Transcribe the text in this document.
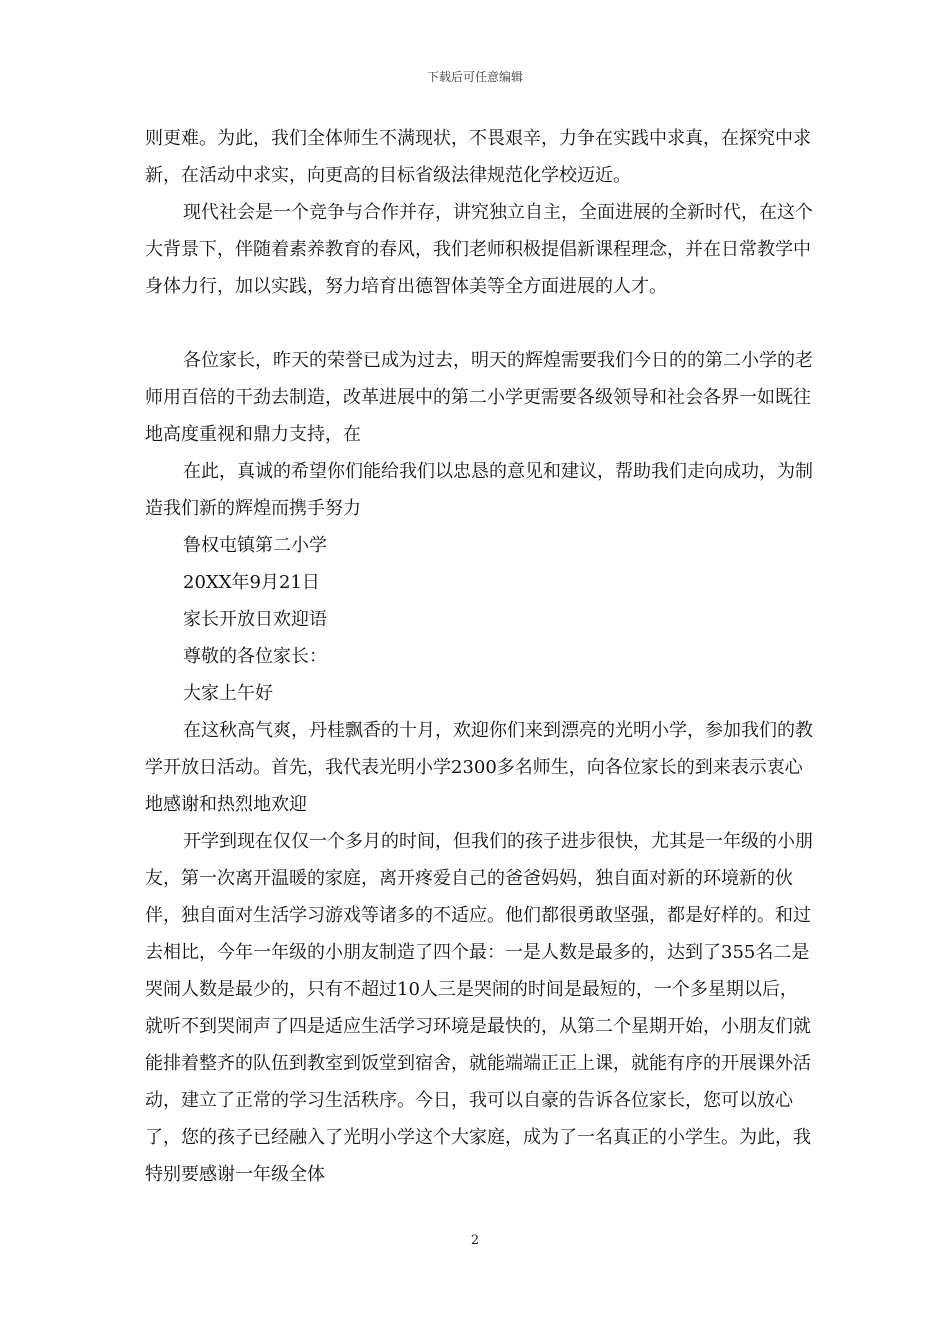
下载后可任意编辑

则更难。为此，我们全体师生不满现状，不畏艰辛，力争在实践中求真，在探究中求新，在活动中求实，向更高的目标省级法律规范化学校迈近。

现代社会是一个竞争与合作并存，讲究独立自主，全面进展的全新时代，在这个大背景下，伴随着素养教育的春风，我们老师积极提倡新课程理念，并在日常教学中身体力行，加以实践，努力培育出德智体美等全方面进展的人才。

各位家长，昨天的荣誉已成为过去，明天的辉煌需要我们今日的的第二小学的老师用百倍的干劲去制造，改革进展中的第二小学更需要各级领导和社会各界一如既往地高度重视和鼎力支持，在

在此，真诚的希望你们能给我们以忠恳的意见和建议，帮助我们走向成功，为制造我们新的辉煌而携手努力

鲁权屯镇第二小学

20XX年9月21日

家长开放日欢迎语

尊敬的各位家长：

大家上午好

在这秋高气爽，丹桂飘香的十月，欢迎你们来到漂亮的光明小学，参加我们的教学开放日活动。首先，我代表光明小学2300多名师生，向各位家长的到来表示衷心地感谢和热烈地欢迎

开学到现在仅仅一个多月的时间，但我们的孩子进步很快，尤其是一年级的小朋友，第一次离开温暖的家庭，离开疼爱自己的爸爸妈妈，独自面对新的环境新的伙伴，独自面对生活学习游戏等诸多的不适应。他们都很勇敢坚强，都是好样的。和过去相比，今年一年级的小朋友制造了四个最：一是人数是最多的，达到了355名二是哭闹人数是最少的，只有不超过10人三是哭闹的时间是最短的，一个多星期以后，就听不到哭闹声了四是适应生活学习环境是最快的，从第二个星期开始，小朋友们就能排着整齐的队伍到教室到饭堂到宿舍，就能端端正正上课，就能有序的开展课外活动，建立了正常的学习生活秩序。今日，我可以自豪的告诉各位家长，您可以放心了，您的孩子已经融入了光明小学这个大家庭，成为了一名真正的小学生。为此，我特别要感谢一年级全体

2
